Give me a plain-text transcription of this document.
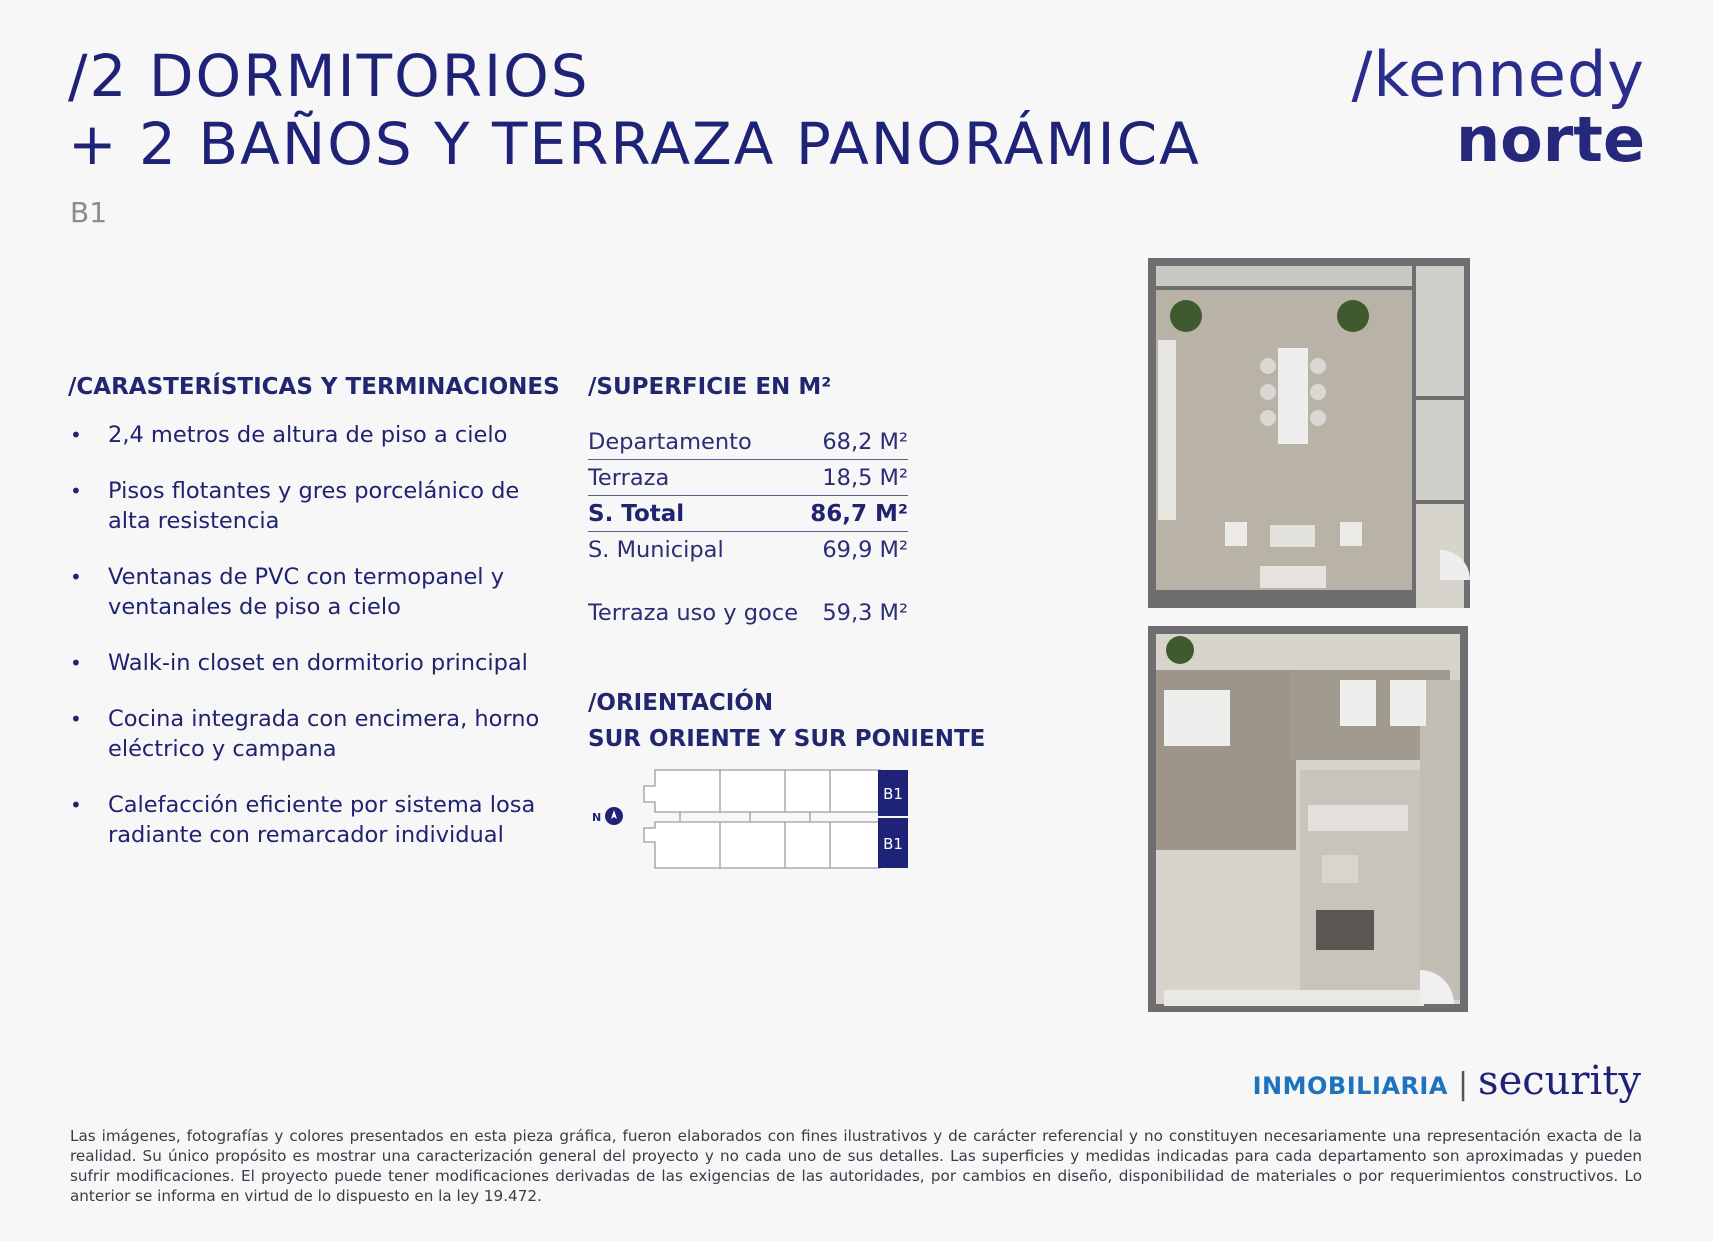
/2 DORMITORIOS
+ 2 BAÑOS Y TERRAZA PANORÁMICA
B1
/kennedy
norte
/CARASTERÍSTICAS Y TERMINACIONES
• 2,4 metros de altura de piso a cielo
• Pisos flotantes y gres porcelánico de alta resistencia
• Ventanas de PVC con termopanel y ventanales de piso a cielo
• Walk-in closet en dormitorio principal
• Cocina integrada con encimera, horno eléctrico y campana
• Calefacción eficiente por sistema losa radiante con remarcador individual
/SUPERFICIE EN M²
Departamento	68,2 M²
Terraza	18,5 M²
S. Total	86,7 M²
S. Municipal	69,9 M²
Terraza uso y goce	59,3 M²
/ORIENTACIÓN
SUR ORIENTE Y SUR PONIENTE
N
B1
B1
INMOBILIARIA | security

Las imágenes, fotografías y colores presentados en esta pieza gráfica, fueron elaborados con fines ilustrativos y de carácter referencial y no constituyen necesariamente una representación exacta de la realidad. Su único propósito es mostrar una caracterización general del proyecto y no cada uno de sus detalles. Las superficies y medidas indicadas para cada departamento son aproximadas y pueden sufrir modificaciones. El proyecto puede tener modificaciones derivadas de las exigencias de las autoridades, por cambios en diseño, disponibilidad de materiales o por requerimientos constructivos. Lo anterior se informa en virtud de lo dispuesto en la ley 19.472.
